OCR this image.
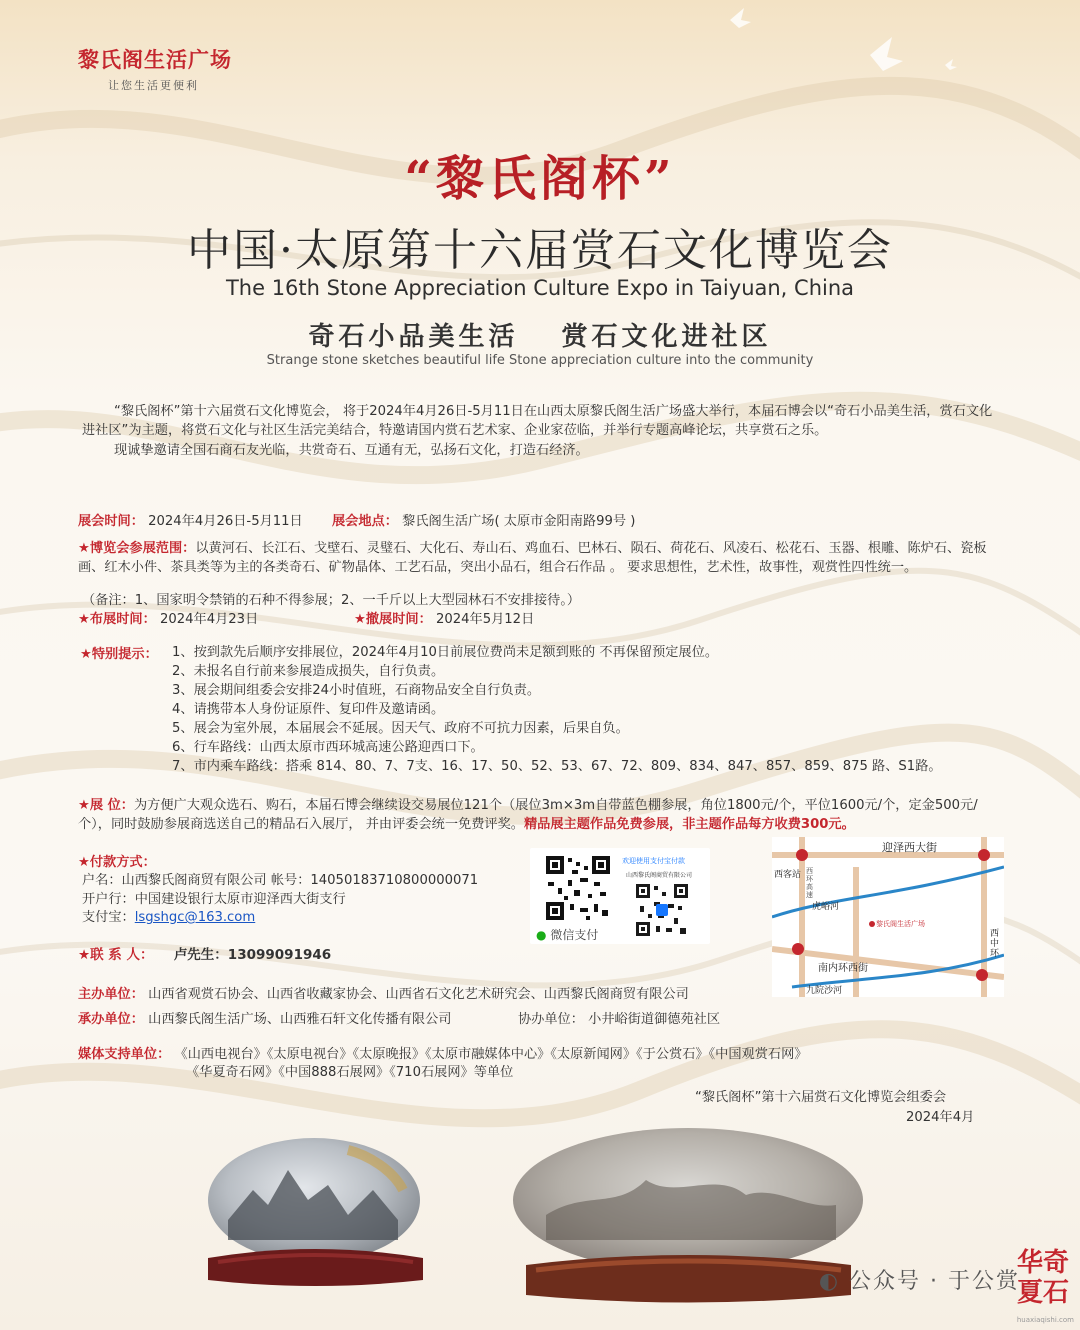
黎氏阁生活广场
让您生活更便利
“黎氏阁杯”
中国·太原第十六届赏石文化博览会
The 16th Stone Appreciation Culture Expo in Taiyuan, China
奇石小品美生活 赏石文化进社区
Strange stone sketches beautiful life Stone appreciation culture into the community
“黎氏阁杯”第十六届赏石文化博览会， 将于2024年4月26日-5月11日在山西太原黎氏阁生活广场盛大举行，本届石博会以“奇石小品美生活，赏石文化进社区”为主题，将赏石文化与社区生活完美结合，特邀请国内赏石艺术家、企业家莅临，并举行专题高峰论坛，共享赏石之乐。
现诚挚邀请全国石商石友光临，共赏奇石、互通有无，弘扬石文化，打造石经济。
展会时间： 2024年4月26日-5月11日 展会地点： 黎氏阁生活广场( 太原市金阳南路99号 )
★博览会参展范围：以黄河石、长江石、戈壁石、灵璧石、大化石、寿山石、鸡血石、巴林石、陨石、荷花石、风凌石、松花石、玉器、根雕、陈炉石、瓷板画、红木小件、茶具类等为主的各类奇石、矿物晶体、工艺石品，突出小品石，组合石作品 。 要求思想性，艺术性，故事性，观赏性四性统一。
（备注：1、国家明令禁销的石种不得参展；2、一千斤以上大型园林石不安排接待。）
★布展时间： 2024年4月23日	★撤展时间： 2024年5月12日
★特别提示： 1、按到款先后顺序安排展位，2024年4月10日前展位费尚未足额到账的 不再保留预定展位。
2、未报名自行前来参展造成损失，自行负责。
3、展会期间组委会安排24小时值班，石商物品安全自行负责。
4、请携带本人身份证原件、复印件及邀请函。
5、展会为室外展，本届展会不延展。因天气、政府不可抗力因素，后果自负。
6、行车路线：山西太原市西环城高速公路迎西口下。
7、市内乘车路线：搭乘 814、80、7、7支、16、17、50、52、53、67、72、809、834、847、857、859、875 路、S1路。
★展 位：为方便广大观众选石、购石，本届石博会继续设交易展位121个（展位3m×3m自带蓝色棚参展，角位1800元/个，平位1600元/个，定金500元/个），同时鼓励参展商选送自己的精品石入展厅， 并由评委会统一免费评奖。精品展主题作品免费参展，非主题作品每方收费300元。
★付款方式：
户名：山西黎氏阁商贸有限公司 帐号：14050183710800000071
开户行：中国建设银行太原市迎泽西大街支行
支付宝：lsgshgc@163.com
● 微信支付
欢迎使用支付宝付款
山西黎氏阁商贸有限公司
迎泽西大街
西客站 西环高速
虎峪河
黎氏阁生活广场
南内环西街
九院沙河
西中环
★联 系 人： 卢先生：13099091946
主办单位： 山西省观赏石协会、山西省收藏家协会、山西省石文化艺术研究会、山西黎氏阁商贸有限公司
承办单位： 山西黎氏阁生活广场、山西雅石轩文化传播有限公司	协办单位： 小井峪街道御德苑社区
媒体支持单位： 《山西电视台》《太原电视台》《太原晚报》《太原市融媒体中心》《太原新闻网》《于公赏石》《中国观赏石网》
《华夏奇石网》《中国888石展网》《710石展网》等单位
“黎氏阁杯”第十六届赏石文化博览会组委会
2024年4月
◐ 公众号 · 于公赏
华奇夏石
huaxiaqishi.com
